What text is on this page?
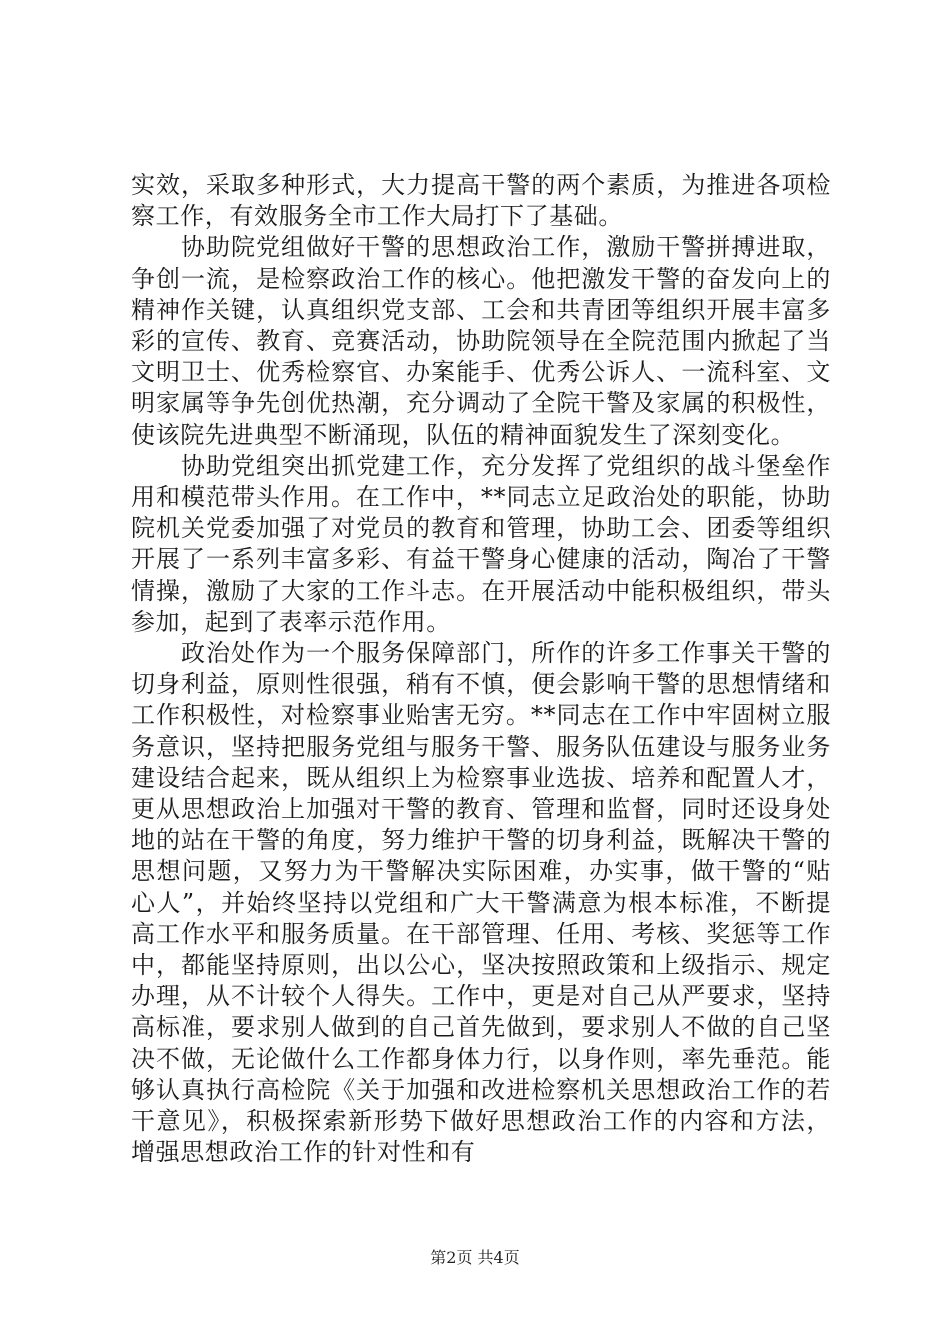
实效，采取多种形式，大力提高干警的两个素质，为推进各项检察工作，有效服务全市工作大局打下了基础。

协助院党组做好干警的思想政治工作，激励干警拼搏进取，争创一流，是检察政治工作的核心。他把激发干警的奋发向上的精神作关键，认真组织党支部、工会和共青团等组织开展丰富多彩的宣传、教育、竞赛活动，协助院领导在全院范围内掀起了当文明卫士、优秀检察官、办案能手、优秀公诉人、一流科室、文明家属等争先创优热潮，充分调动了全院干警及家属的积极性，使该院先进典型不断涌现，队伍的精神面貌发生了深刻变化。

协助党组突出抓党建工作，充分发挥了党组织的战斗堡垒作用和模范带头作用。在工作中，**同志立足政治处的职能，协助院机关党委加强了对党员的教育和管理，协助工会、团委等组织开展了一系列丰富多彩、有益干警身心健康的活动，陶冶了干警情操，激励了大家的工作斗志。在开展活动中能积极组织，带头参加，起到了表率示范作用。

政治处作为一个服务保障部门，所作的许多工作事关干警的切身利益，原则性很强，稍有不慎，便会影响干警的思想情绪和工作积极性，对检察事业贻害无穷。**同志在工作中牢固树立服务意识，坚持把服务党组与服务干警、服务队伍建设与服务业务建设结合起来，既从组织上为检察事业选拔、培养和配置人才，更从思想政治上加强对干警的教育、管理和监督，同时还设身处地的站在干警的角度，努力维护干警的切身利益，既解决干警的思想问题，又努力为干警解决实际困难，办实事，做干警的“贴心人”，并始终坚持以党组和广大干警满意为根本标准，不断提高工作水平和服务质量。在干部管理、任用、考核、奖惩等工作中，都能坚持原则，出以公心，坚决按照政策和上级指示、规定办理，从不计较个人得失。工作中，更是对自己从严要求，坚持高标准，要求别人做到的自己首先做到，要求别人不做的自己坚决不做，无论做什么工作都身体力行，以身作则，率先垂范。能够认真执行高检院《关于加强和改进检察机关思想政治工作的若干意见》，积极探索新形势下做好思想政治工作的内容和方法，增强思想政治工作的针对性和有

第2页 共4页
